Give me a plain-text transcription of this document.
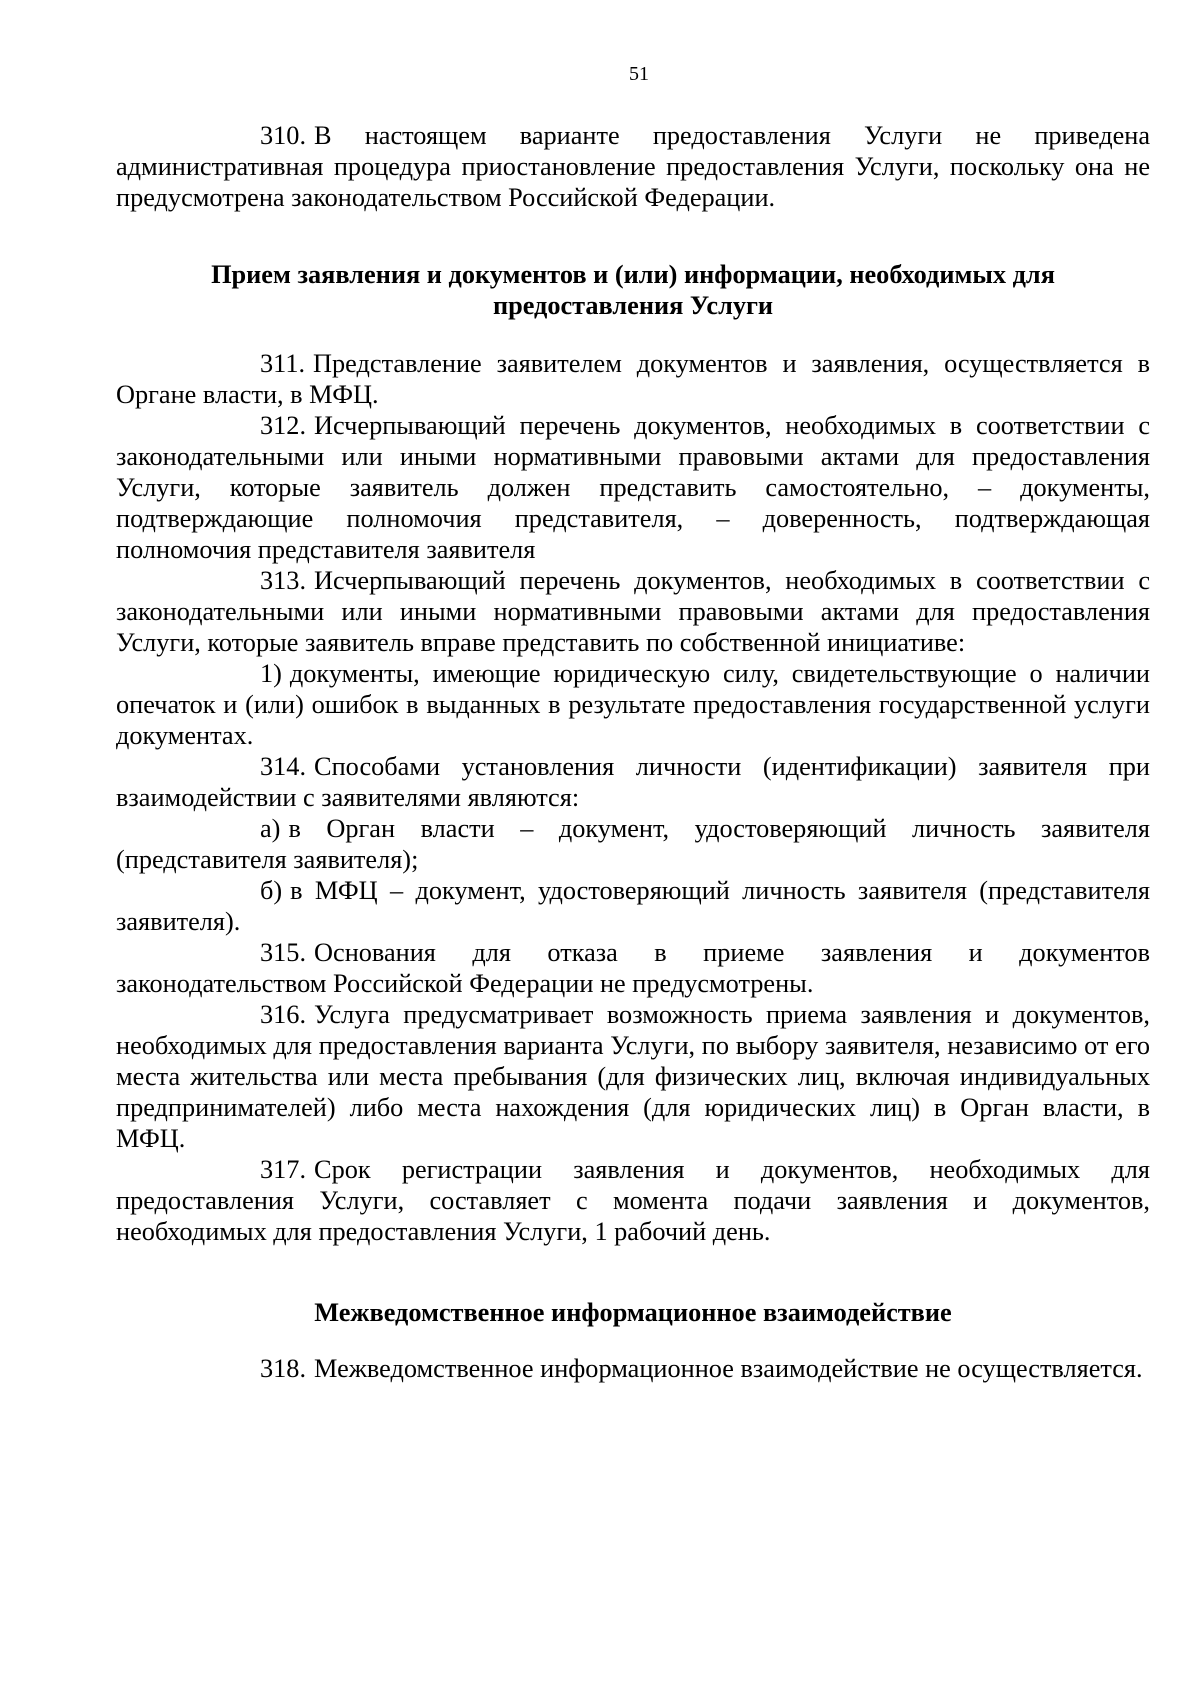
51

310. В настоящем варианте предоставления Услуги не приведена административная процедура приостановление предоставления Услуги, поскольку она не предусмотрена законодательством Российской Федерации.

Прием заявления и документов и (или) информации, необходимых для предоставления Услуги

311. Представление заявителем документов и заявления, осуществляется в Органе власти, в МФЦ.

312. Исчерпывающий перечень документов, необходимых в соответствии с законодательными или иными нормативными правовыми актами для предоставления Услуги, которые заявитель должен представить самостоятельно, – документы, подтверждающие полномочия представителя, – доверенность, подтверждающая полномочия представителя заявителя

313. Исчерпывающий перечень документов, необходимых в соответствии с законодательными или иными нормативными правовыми актами для предоставления Услуги, которые заявитель вправе представить по собственной инициативе:

1) документы, имеющие юридическую силу, свидетельствующие о наличии опечаток и (или) ошибок в выданных в результате предоставления государственной услуги документах.

314. Способами установления личности (идентификации) заявителя при взаимодействии с заявителями являются:

а) в Орган власти – документ, удостоверяющий личность заявителя (представителя заявителя);

б) в МФЦ – документ, удостоверяющий личность заявителя (представителя заявителя).

315. Основания для отказа в приеме заявления и документов законодательством Российской Федерации не предусмотрены.

316. Услуга предусматривает возможность приема заявления и документов, необходимых для предоставления варианта Услуги, по выбору заявителя, независимо от его места жительства или места пребывания (для физических лиц, включая индивидуальных предпринимателей) либо места нахождения (для юридических лиц) в Орган власти, в МФЦ.

317. Срок регистрации заявления и документов, необходимых для предоставления Услуги, составляет с момента подачи заявления и документов, необходимых для предоставления Услуги, 1 рабочий день.

Межведомственное информационное взаимодействие

318. Межведомственное информационное взаимодействие не осуществляется.
